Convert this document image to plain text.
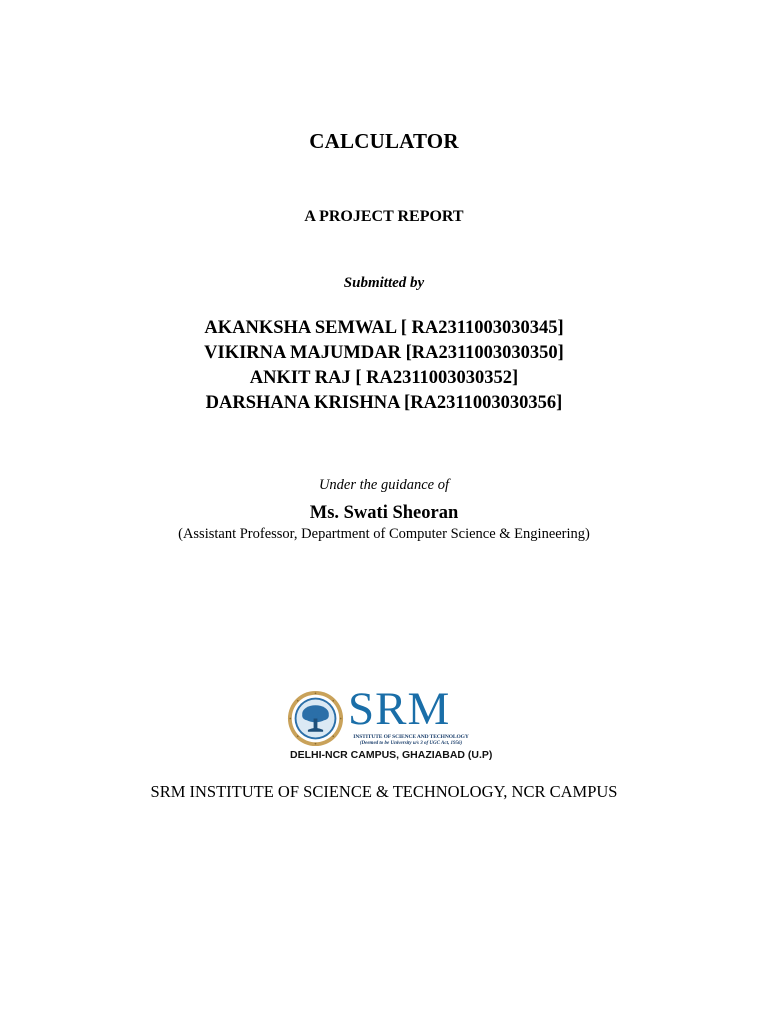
CALCULATOR
A PROJECT REPORT
Submitted by
AKANKSHA SEMWAL [ RA2311003030345]
VIKIRNA MAJUMDAR [RA2311003030350]
ANKIT RAJ [ RA2311003030352]
DARSHANA KRISHNA [RA2311003030356]
Under the guidance of
Ms. Swati Sheoran
(Assistant Professor, Department of Computer Science & Engineering)
SRM
INSTITUTE OF SCIENCE AND TECHNOLOGY
(Deemed to be University u/s 3 of UGC Act, 1956)
DELHI-NCR CAMPUS, GHAZIABAD (U.P)
SRM INSTITUTE OF SCIENCE & TECHNOLOGY, NCR CAMPUS
